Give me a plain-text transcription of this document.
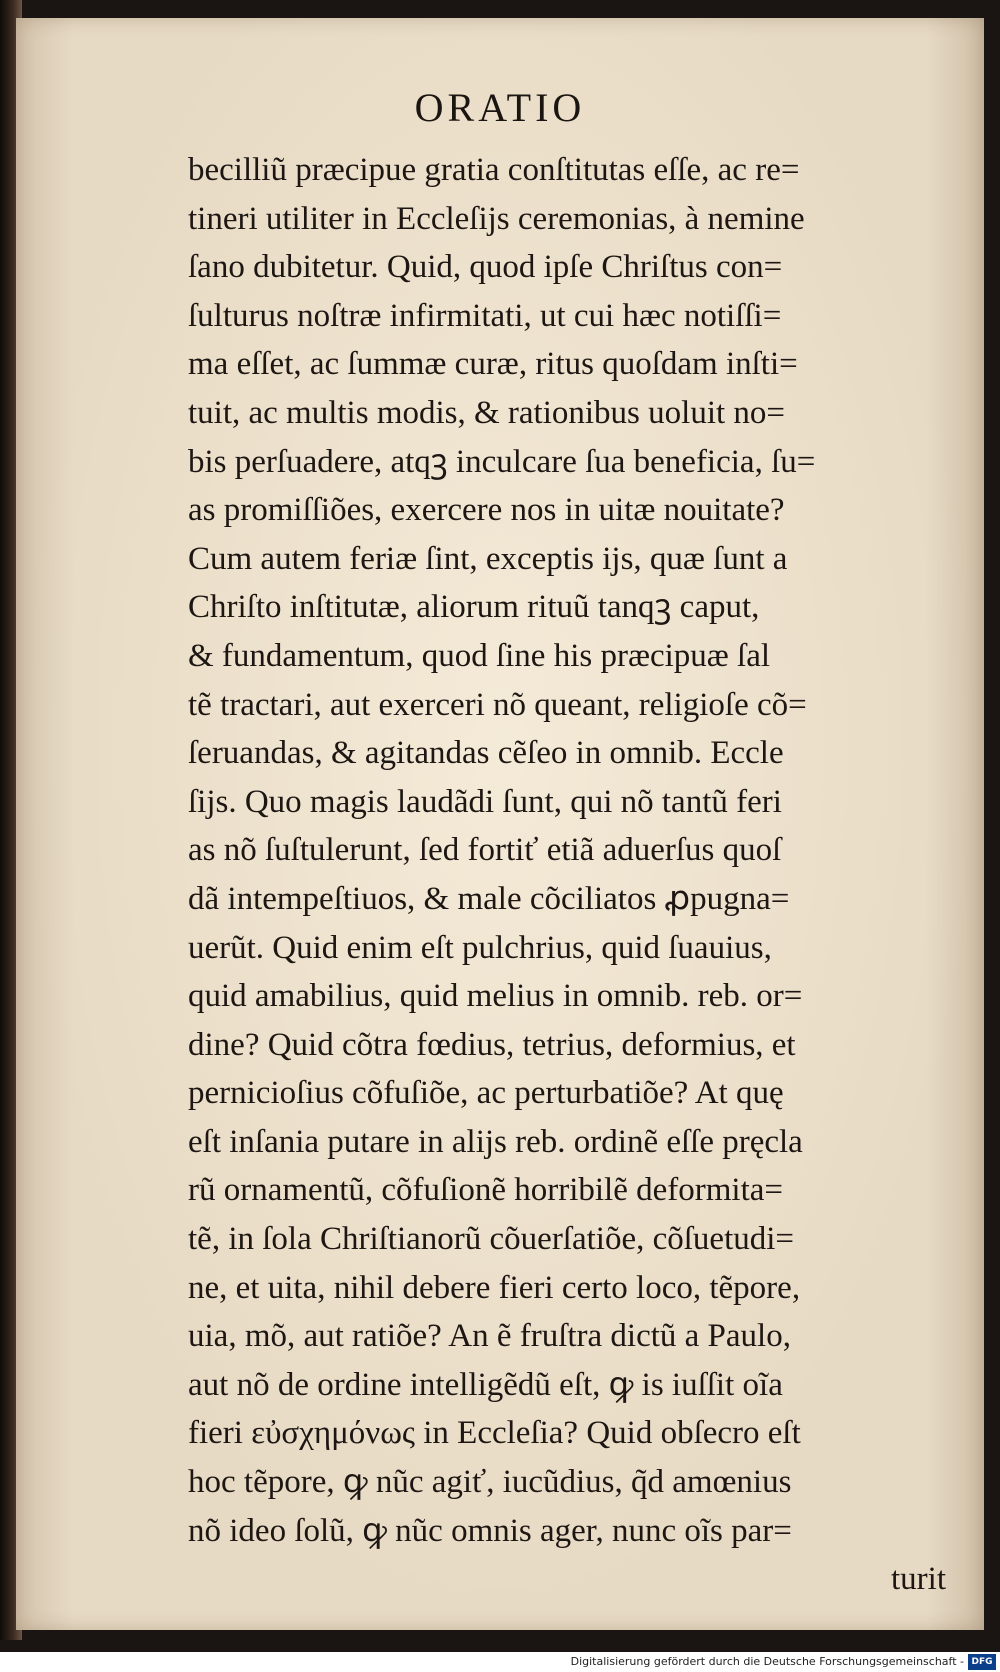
ORATIO
becilliũ præcipue gratia conſtitutas eſſe, ac re=
tineri utiliter in Eccleſijs ceremonias, à nemine
ſano dubitetur. Quid, quod ipſe Chriſtus con=
ſulturus noſtræ infirmitati, ut cui hæc notiſſi=
ma eſſet, ac ſummæ curæ, ritus quoſdam inſti=
tuit, ac multis modis, & rationibus uoluit no=
bis perſuadere, atqꝫ inculcare ſua beneficia, ſu=
as promiſſiões, exercere nos in uitæ nouitate?
Cum autem feriæ ſint, exceptis ijs, quæ ſunt a
Chriſto inſtitutæ, aliorum rituũ tanqꝫ caput,
& fundamentum, quod ſine his præcipuæ ſal
tẽ tractari, aut exerceri nõ queant, religioſe cõ=
ſeruandas, & agitandas cẽſeo in omnib. Eccle
ſijs. Quo magis laudãdi ſunt, qui nõ tantũ feri
as nõ ſuſtulerunt, ſed fortiť etiã aduerſus quoſ
dã intempeſtiuos, & male cõciliatos ꝓpugna=
uerũt. Quid enim eſt pulchrius, quid ſuauius,
quid amabilius, quid melius in omnib. reb. or=
dine? Quid cõtra fœdius, tetrius, deformius, et
pernicioſius cõfuſiõe, ac perturbatiõe? At quę
eſt inſania putare in alijs reb. ordinẽ eſſe pręcla
rũ ornamentũ, cõfuſionẽ horribilẽ deformita=
tẽ, in ſola Chriſtianorũ cõuerſatiõe, cõſuetudi=
ne, et uita, nihil debere fieri certo loco, tẽpore,
uia, mõ, aut ratiõe? An ẽ fruſtra dictũ a Paulo,
aut nõ de ordine intelligẽdũ eſt, ꝙ is iuſſit oĩa
fieri εὐσχημόνως in Eccleſia? Quid obſecro eſt
hoc tẽpore, ꝙ nũc agiť, iucũdius, q̃d amœnius
nõ ideo ſolũ, ꝙ nũc omnis ager, nunc oĩs par=
turit
Digitalisierung gefördert durch die Deutsche Forschungsgemeinschaft - DFG
